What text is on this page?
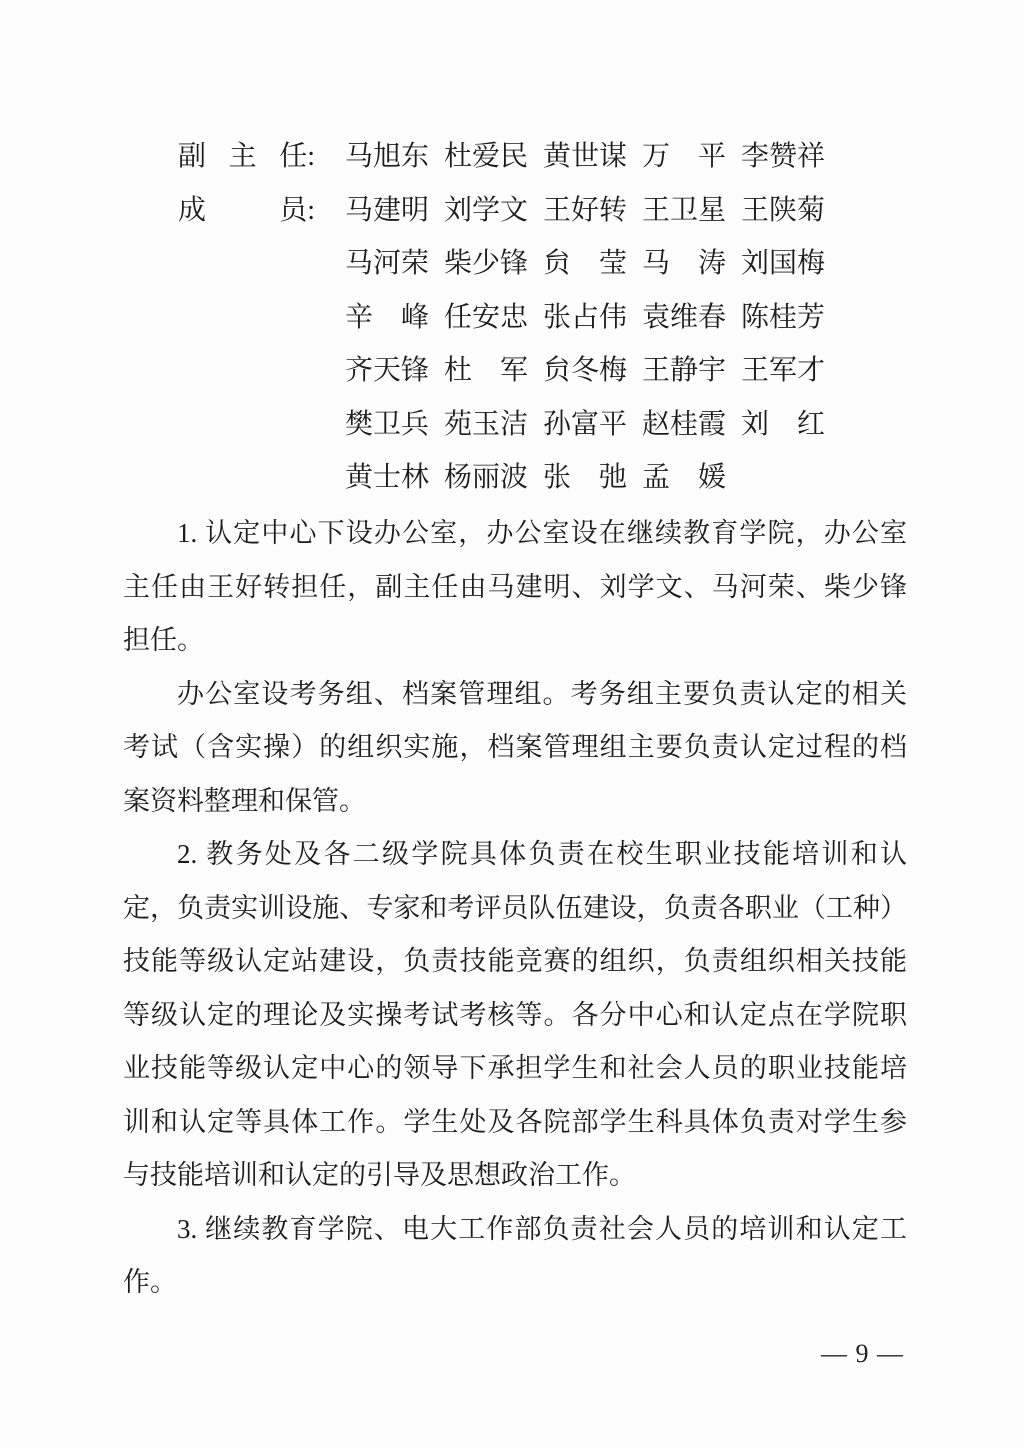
副 主 任: 马旭东 杜爱民 黄世谋 万　平 李赞祥
成	员: 马建明 刘学文 王好转 王卫星 王陕菊
马河荣 柴少锋 贠　莹 马　涛 刘国梅
辛　峰 任安忠 张占伟 袁维春 陈桂芳
齐天锋 杜　军 贠冬梅 王静宇 王军才
樊卫兵 苑玉洁 孙富平 赵桂霞 刘　红
黄士林 杨丽波 张　弛 孟　媛

1. 认定中心下设办公室，办公室设在继续教育学院，办公室
主任由王好转担任，副主任由马建明、刘学文、马河荣、柴少锋
担任。

办公室设考务组、档案管理组。考务组主要负责认定的相关
考试（含实操）的组织实施，档案管理组主要负责认定过程的档
案资料整理和保管。

2. 教务处及各二级学院具体负责在校生职业技能培训和认
定，负责实训设施、专家和考评员队伍建设，负责各职业（工种）
技能等级认定站建设，负责技能竞赛的组织，负责组织相关技能
等级认定的理论及实操考试考核等。各分中心和认定点在学院职
业技能等级认定中心的领导下承担学生和社会人员的职业技能培
训和认定等具体工作。学生处及各院部学生科具体负责对学生参
与技能培训和认定的引导及思想政治工作。

3. 继续教育学院、电大工作部负责社会人员的培训和认定工
作。

— 9 —
